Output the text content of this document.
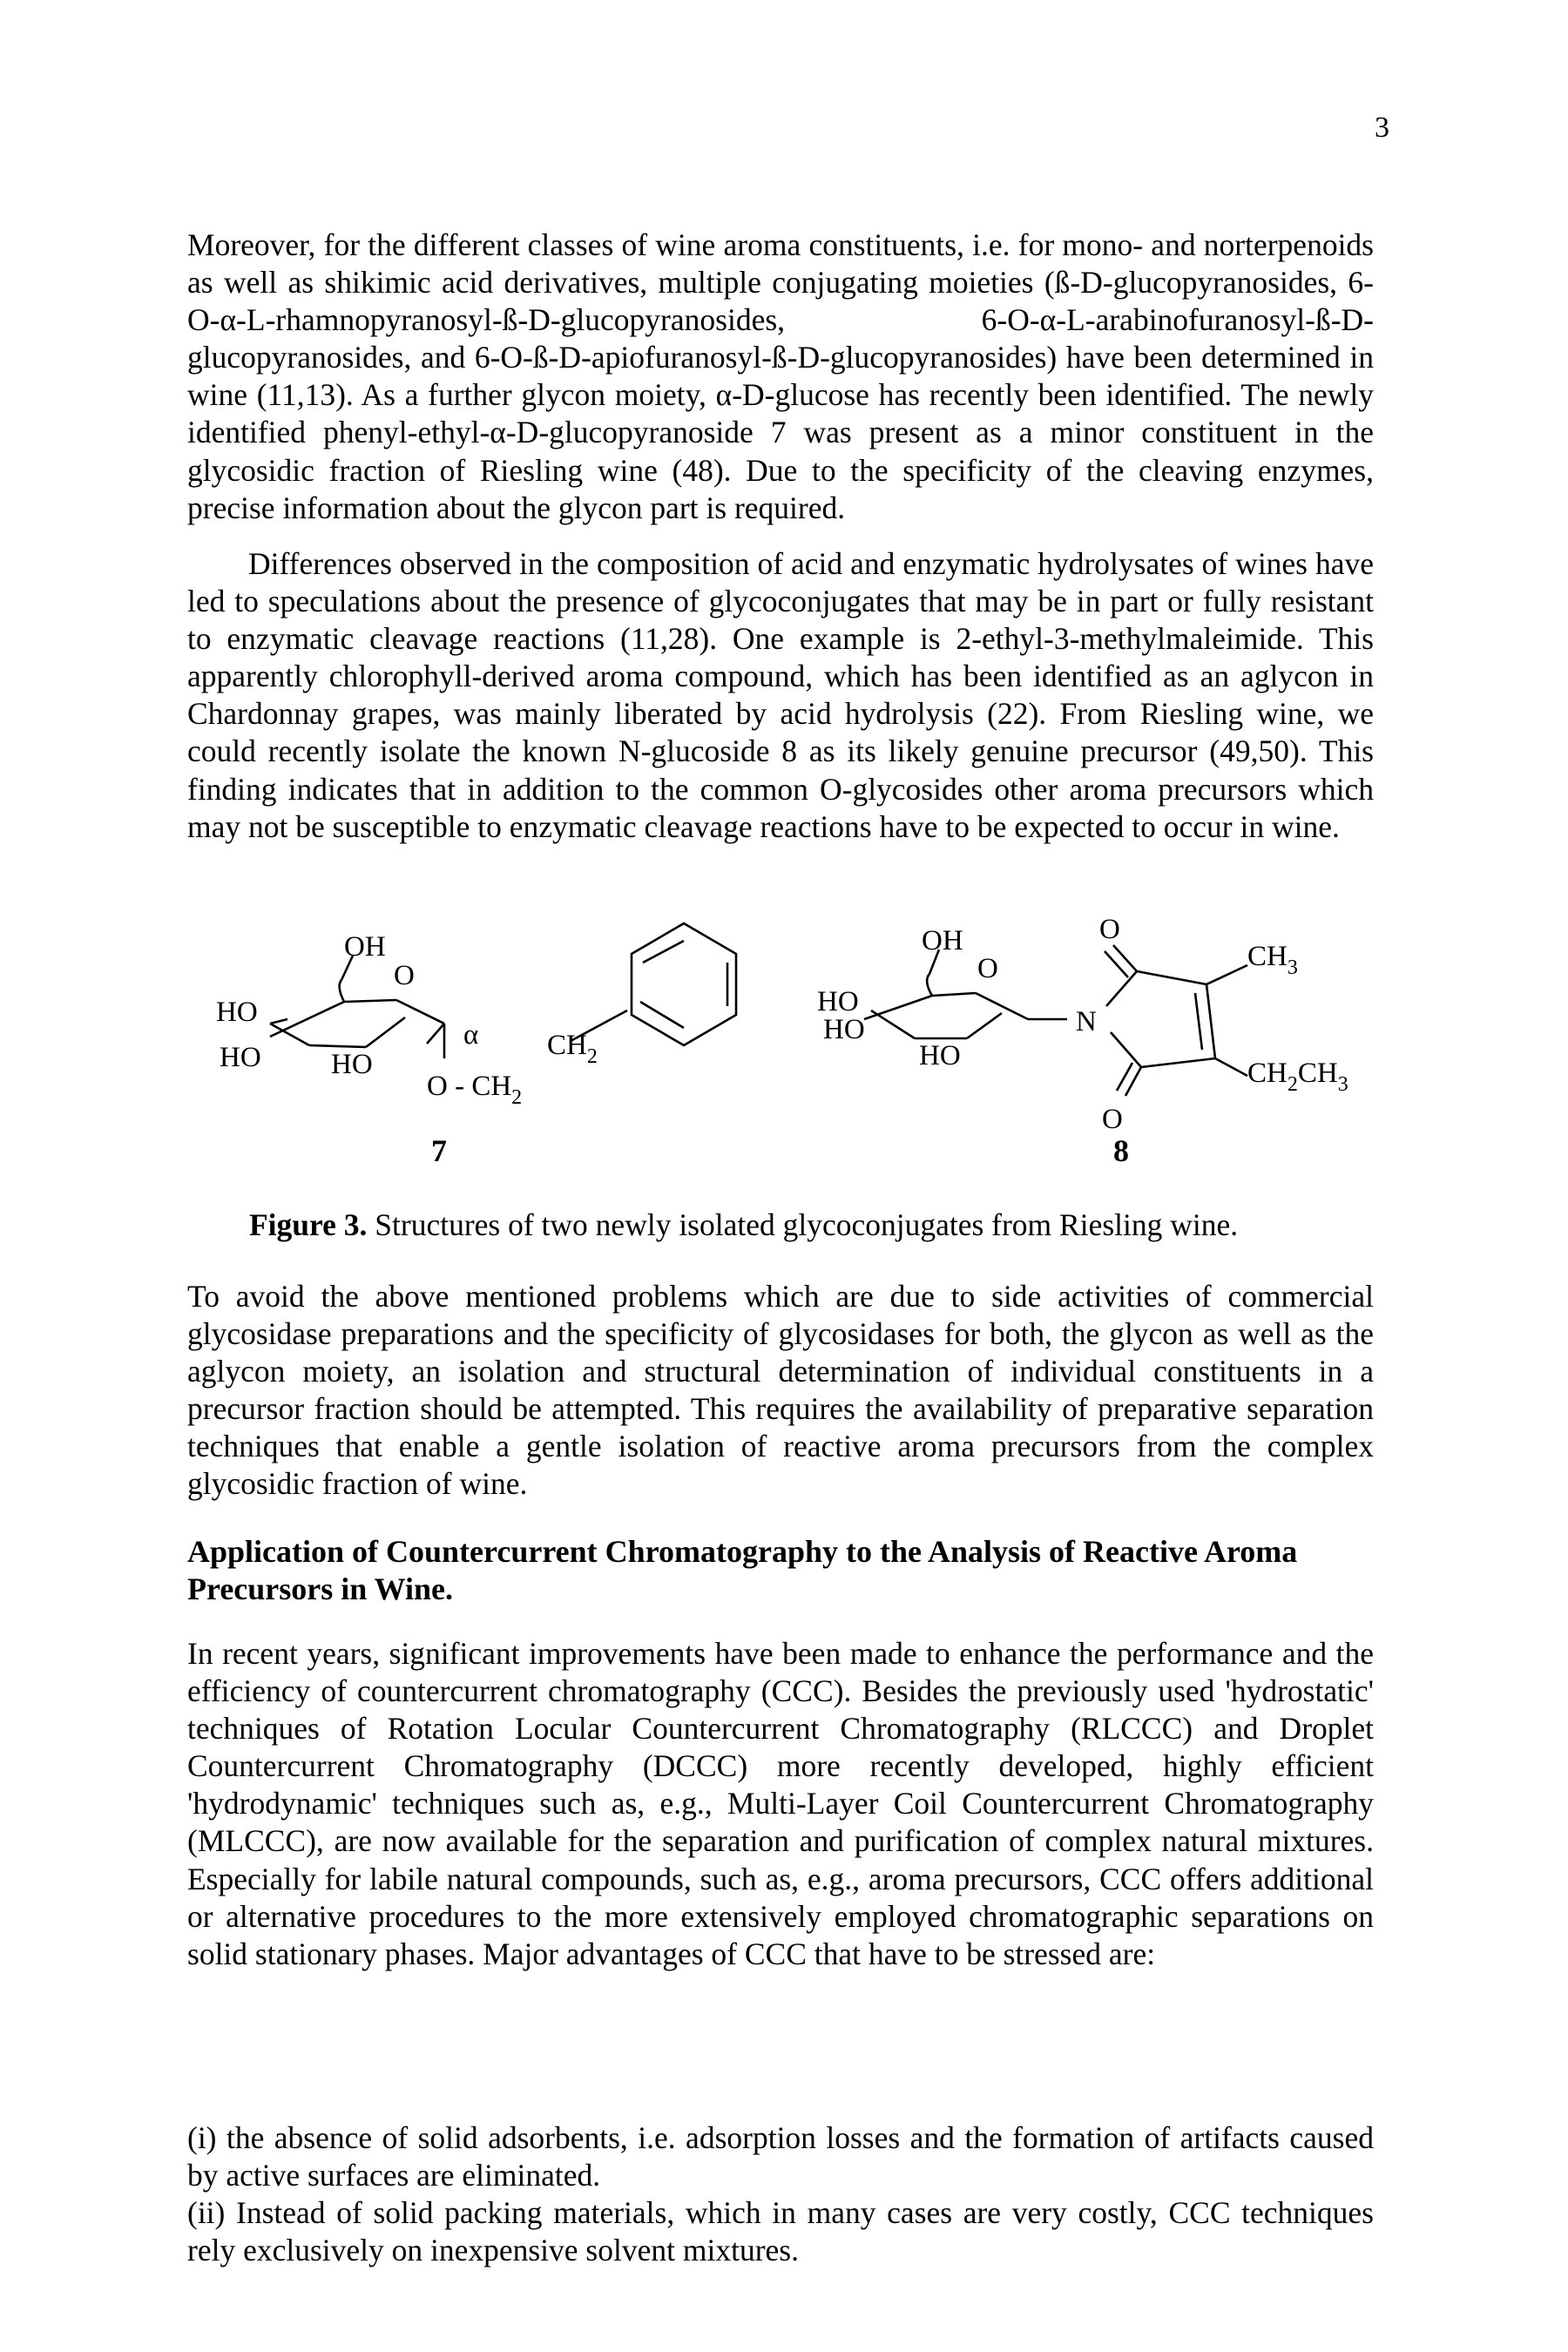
3

Moreover, for the different classes of wine aroma constituents, i.e. for mono- and norterpenoids as well as shikimic acid derivatives, multiple conjugating moieties (ß-D-glucopyranosides, 6-O-α-L-rhamnopyranosyl-ß-D-glucopyranosides, 6-O-α-L-arabinofuranosyl-ß-D-glucopyranosides, and 6-O-ß-D-apiofuranosyl-ß-D-glucopyranosides) have been determined in wine (11,13). As a further glycon moiety, α-D-glucose has recently been identified. The newly identified phenyl-ethyl-α-D-glucopyranoside 7 was present as a minor constituent in the glycosidic fraction of Riesling wine (48). Due to the specificity of the cleaving enzymes, precise information about the glycon part is required.

Differences observed in the composition of acid and enzymatic hydrolysates of wines have led to speculations about the presence of glycoconjugates that may be in part or fully resistant to enzymatic cleavage reactions (11,28). One example is 2-ethyl-3-methylmaleimide. This apparently chlorophyll-derived aroma compound, which has been identified as an aglycon in Chardonnay grapes, was mainly liberated by acid hydrolysis (22). From Riesling wine, we could recently isolate the known N-glucoside 8 as its likely genuine precursor (49,50). This finding indicates that in addition to the common O-glycosides other aroma precursors which may not be susceptible to enzymatic cleavage reactions have to be expected to occur in wine.

OH
O
HO
HO HO
α
O - $CH_2$
$CH_2$
7
OH
O
HO
HO
HO
N
O
O
$CH_3$
$CH_2CH_3$
8
Figure 3. Structures of two newly isolated glycoconjugates from Riesling wine.

To avoid the above mentioned problems which are due to side activities of commercial glycosidase preparations and the specificity of glycosidases for both, the glycon as well as the aglycon moiety, an isolation and structural determination of individual constituents in a precursor fraction should be attempted. This requires the availability of preparative separation techniques that enable a gentle isolation of reactive aroma precursors from the complex glycosidic fraction of wine.

Application of Countercurrent Chromatography to the Analysis of Reactive Aroma Precursors in Wine.

In recent years, significant improvements have been made to enhance the performance and the efficiency of countercurrent chromatography (CCC). Besides the previously used 'hydrostatic' techniques of Rotation Locular Countercurrent Chromatography (RLCCC) and Droplet Countercurrent Chromatography (DCCC) more recently developed, highly efficient 'hydrodynamic' techniques such as, e.g., Multi-Layer Coil Countercurrent Chromatography (MLCCC), are now available for the separation and purification of complex natural mixtures. Especially for labile natural compounds, such as, e.g., aroma precursors, CCC offers additional or alternative procedures to the more extensively employed chromatographic separations on solid stationary phases. Major advantages of CCC that have to be stressed are:

(i) the absence of solid adsorbents, i.e. adsorption losses and the formation of artifacts caused by active surfaces are eliminated.

(ii) Instead of solid packing materials, which in many cases are very costly, CCC techniques rely exclusively on inexpensive solvent mixtures.
